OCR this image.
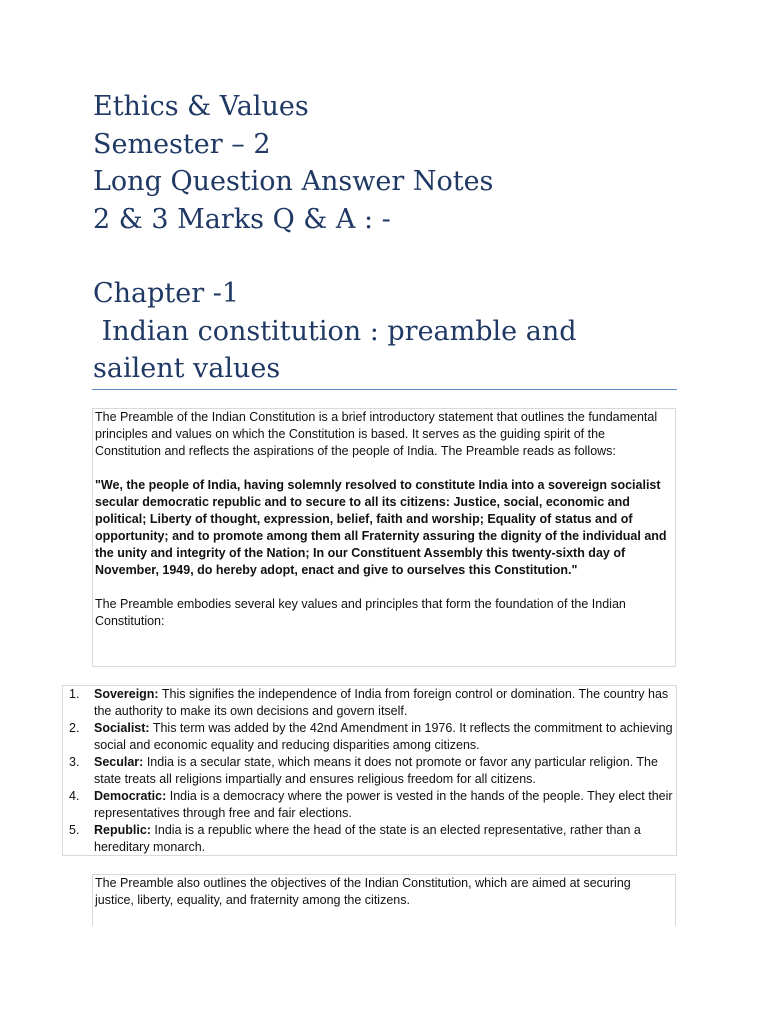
Ethics & Values
Semester – 2
Long Question Answer Notes
2 & 3 Marks Q & A : -
Chapter -1
Indian constitution : preamble and sailent values

The Preamble of the Indian Constitution is a brief introductory statement that outlines the fundamental principles and values on which the Constitution is based. It serves as the guiding spirit of the Constitution and reflects the aspirations of the people of India. The Preamble reads as follows:

"We, the people of India, having solemnly resolved to constitute India into a sovereign socialist secular democratic republic and to secure to all its citizens: Justice, social, economic and political; Liberty of thought, expression, belief, faith and worship; Equality of status and of opportunity; and to promote among them all Fraternity assuring the dignity of the individual and the unity and integrity of the Nation; In our Constituent Assembly this twenty-sixth day of November, 1949, do hereby adopt, enact and give to ourselves this Constitution."

The Preamble embodies several key values and principles that form the foundation of the Indian Constitution:

1.	Sovereign: This signifies the independence of India from foreign control or domination. The country has the authority to make its own decisions and govern itself.
2.	Socialist: This term was added by the 42nd Amendment in 1976. It reflects the commitment to achieving social and economic equality and reducing disparities among citizens.
3.	Secular: India is a secular state, which means it does not promote or favor any particular religion. The state treats all religions impartially and ensures religious freedom for all citizens.
4.	Democratic: India is a democracy where the power is vested in the hands of the people. They elect their representatives through free and fair elections.
5.	Republic: India is a republic where the head of the state is an elected representative, rather than a hereditary monarch.

The Preamble also outlines the objectives of the Indian Constitution, which are aimed at securing justice, liberty, equality, and fraternity among the citizens.
